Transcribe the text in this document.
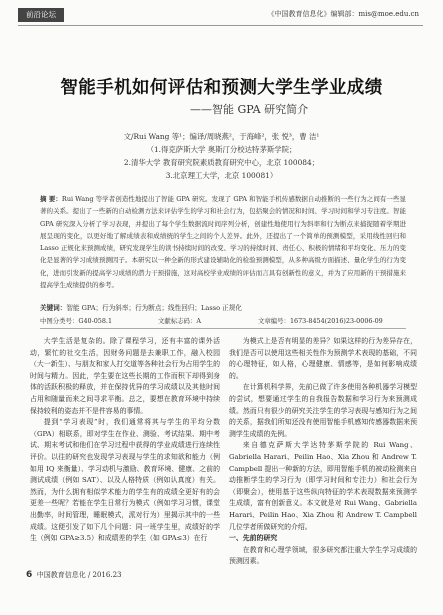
前沿论坛	《中国教育信息化》编辑部：mis@moe.edu.cn
智能手机如何评估和预测大学生学业成绩
——智能 GPA 研究简介
文/Rui Wang 等¹；编译/周晓燕²，于海峰²，张 悦³，曹 洁¹
（1.得克萨斯大学 奥斯汀分校达特茅斯学院；
2.清华大学 教育研究院素质教育研究中心，北京 100084；
3.北京理工大学，北京 100081）
摘 要：Rui Wang 等学者创造性地提出了智能 GPA 研究。发现了 GPA 和智能手机传感数据自动推断的一些行为之间有一些显著的关系。提出了一些新的自动检测方法来评估学生的学习和社会行为，包括聚会的情况和时间、学习时间和学习专注度。智能 GPA 研究深入分析了学习表现，并提出了每个学生数据流时间序列分析，创建性地使用行为斜率和行为断点来捕捉随着学期进展呈现的变化，以更好地了解成绩表和成绩统的学生之间的个人差异。此外，还提出了一个简单的预测模型，采用线性回归和 Lasso 正规化来预测成绩，研究发现学生的读书持续时间的改变、学习的持续时间、责任心、积极的情绪和平均变化、压力的变化是显著的学习成绩预测因子。本研究以一种全新的形式建设辅助化的检验预测模型，从多种高级方面描述、量化学生的行为变化，进而引发新的提高学习成绩的潜力干预措施，这对高校学业成绩的评估而言具有创新性的意义，并为了应用新的干预措施来提高学生成绩提供的参考。
关键词：智能 GPA；行为斜率；行为断点；线性回归；Lasso 正规化
中图分类号：G40-058.1	文献标志码：A	文章编号：1673-8454(2016)23-0006-09

大学生活是复杂的。除了课程学习，还有丰富的课外活动，繁忙的社交生活，因财务问题是去兼职工作，融入校园（大一新生）、与朋友和家人打交道等各种社会行为占用学生的时间与精力。因此，学生要在这些长期的工作而积下却得到身体的活跃积极的释放，并在保持优异的学习成绩以及其他时间占用和随量而来之间寻求平衡。总之，要想在教育环境中持续保持较利的姿态并不是件容易的事情。

提到“学习表现”时，我们通常将其与学生的平均分数（GPA）相联系，即对学生在作业、测验、考试结果、期中考试、期末考试和他们在学习过程中获得的学业成绩进行连续性评价。以往的研究也发现学习表现与学生的求知欲和能力（例如用 IQ 来衡量）、学习动机与激励、教育环境、健康、之前的测试成绩（例如 SAT）、以及人格特质（例如认真度）有关。然而，为什么拥有相似学术能力的学生有的成绩全更好有的会更差一些呢？若能在学生日常行为模式（例如学习习惯，课堂出勤率，时间管理，睡眠模式，派对行为）里揭示其中的一些成绩。这便引发了如下几个问题：同一班学生里，成绩好的学生（例如 GPA≥3.5）和成绩差的学生（如 GPA≤3）在行

为模式上是否有明显的差异？如果这样的行为差异存在，我们是否可以使用这些相关性作为预测学术表现的基础，不同的心理特征，如人格，心理健康、情感等，是如何影响成绩的。

在计算机科学界，先前已做了许多使用各种机器学习模型的尝试，想要通过学生的自我报告数据和学习行为来预测成绩。然而只有很少的研究关注学生的学习表现与感知行为之间的关系，据我们所知还没有使用智能手机感知传感器数据来预测学生成绩的先例。

来自德克萨斯大学达特茅斯学院的 Rui Wang、Gabriella Harari、Peilin Hao、Xia Zhou 和 Andrew T. Campbell 提出一种新的方法，即用智能手机的被动检测来自动推断学生的学习行为（即学习时间和专注力）和社会行为（即聚会），使用基于这些纵向特征的学术表现数据来预测学生成绩，富有创新意义。本文就是对 Rui Wang、Gabriella Harari、Peilin Hao、Xia Zhou 和 Andrew T. Campbell 几位学者所做研究的介绍。

一、先前的研究

在教育和心理学领域，很多研究都注重大学生学习成绩的预测因素。

6 中国教育信息化 / 2016.23
